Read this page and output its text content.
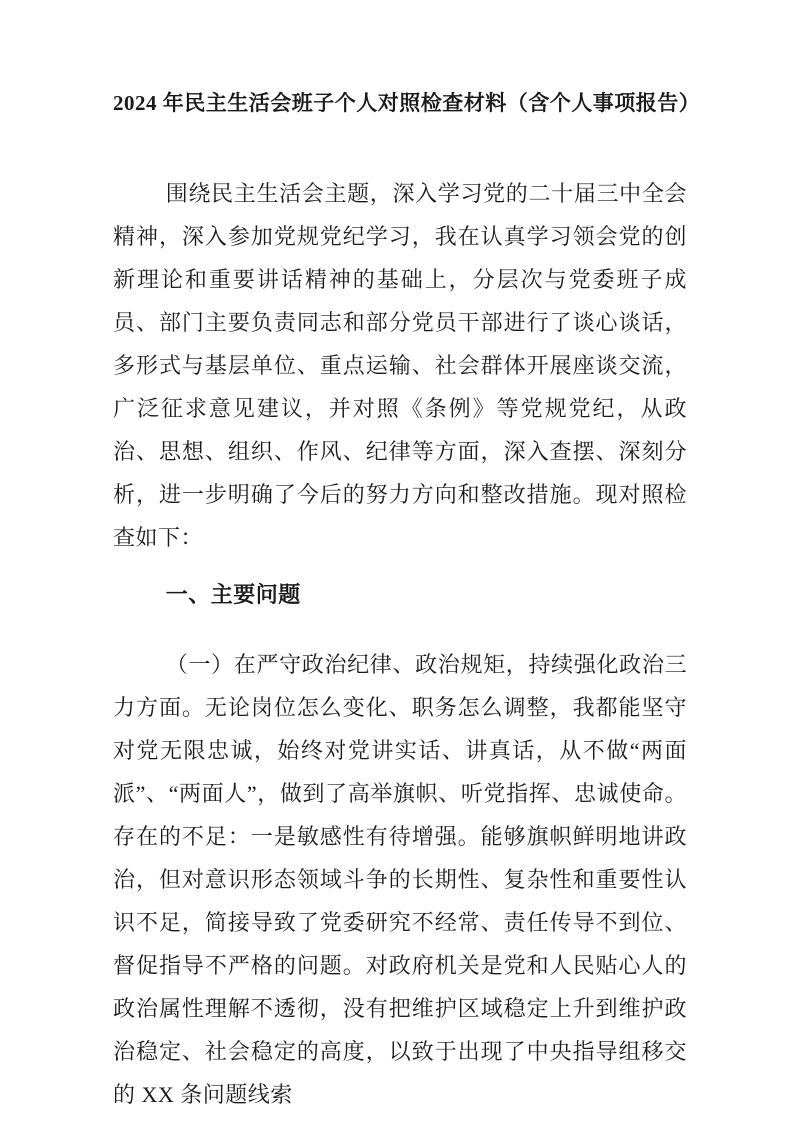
2024 年民主生活会班子个人对照检查材料（含个人事项报告）

围绕民主生活会主题，深入学习党的二十届三中全会精神，深入参加党规党纪学习，我在认真学习领会党的创新理论和重要讲话精神的基础上，分层次与党委班子成员、部门主要负责同志和部分党员干部进行了谈心谈话，多形式与基层单位、重点运输、社会群体开展座谈交流，广泛征求意见建议，并对照《条例》等党规党纪，从政治、思想、组织、作风、纪律等方面，深入查摆、深刻分析，进一步明确了今后的努力方向和整改措施。现对照检查如下：

一、主要问题

（一）在严守政治纪律、政治规矩，持续强化政治三力方面。无论岗位怎么变化、职务怎么调整，我都能坚守对党无限忠诚，始终对党讲实话、讲真话，从不做“两面派”、“两面人”，做到了高举旗帜、听党指挥、忠诚使命。存在的不足：一是敏感性有待增强。能够旗帜鲜明地讲政治，但对意识形态领域斗争的长期性、复杂性和重要性认识不足，简接导致了党委研究不经常、责任传导不到位、督促指导不严格的问题。对政府机关是党和人民贴心人的政治属性理解不透彻，没有把维护区域稳定上升到维护政治稳定、社会稳定的高度，以致于出现了中央指导组移交的 XX 条问题线索
